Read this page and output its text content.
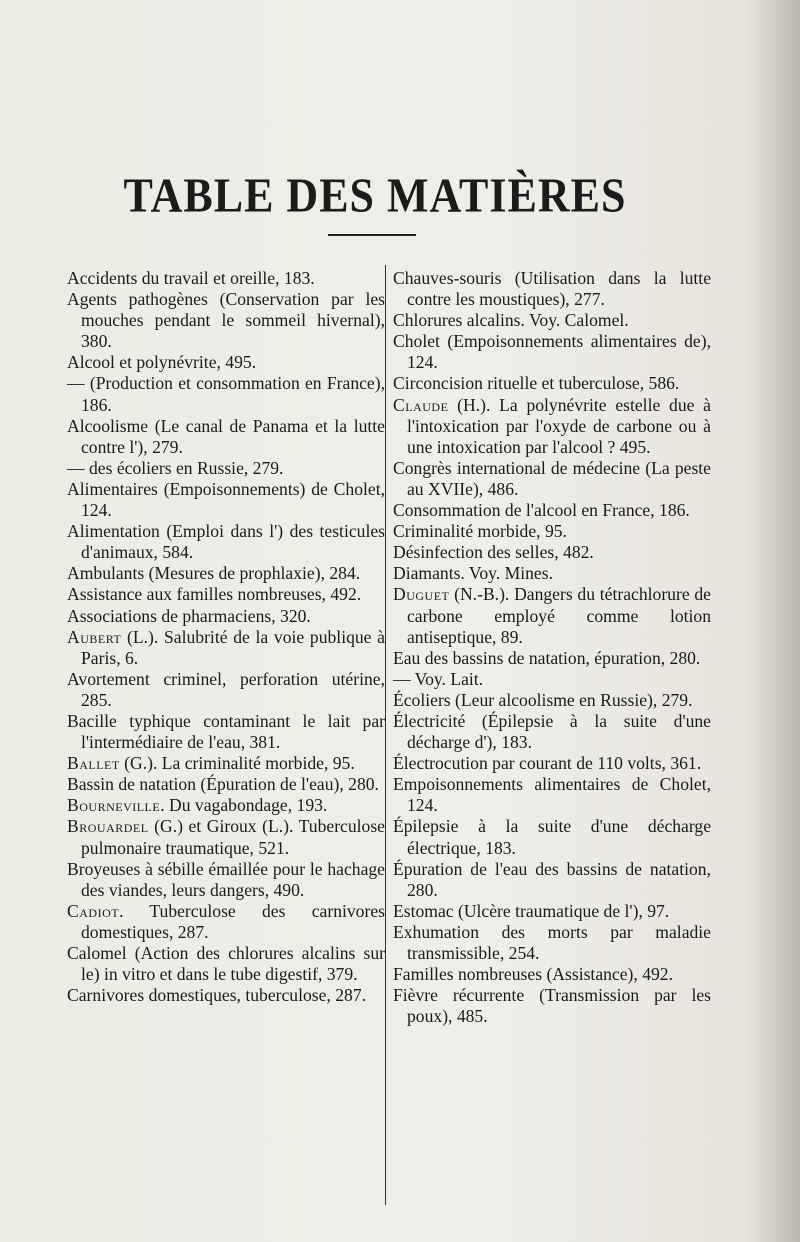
TABLE DES MATIÈRES

Accidents du travail et oreille, 183.

Agents pathogènes (Conservation par les mouches pendant le sommeil hivernal), 380.

Alcool et polynévrite, 495.

— (Production et consommation en France), 186.

Alcoolisme (Le canal de Panama et la lutte contre l'), 279.

— des écoliers en Russie, 279.

Alimentaires (Empoisonnements) de Cholet, 124.

Alimentation (Emploi dans l') des testicules d'animaux, 584.

Ambulants (Mesures de prophlaxie), 284.

Assistance aux familles nombreuses, 492.

Associations de pharmaciens, 320.

Aubert (L.). Salubrité de la voie publique à Paris, 6.

Avortement criminel, perforation utérine, 285.

Bacille typhique contaminant le lait par l'intermédiaire de l'eau, 381.

Ballet (G.). La criminalité morbide, 95.

Bassin de natation (Épuration de l'eau), 280.

Bourneville. Du vagabondage, 193.

Brouardel (G.) et Giroux (L.). Tuberculose pulmonaire traumatique, 521.

Broyeuses à sébille émaillée pour le hachage des viandes, leurs dangers, 490.

Cadiot. Tuberculose des carnivores domestiques, 287.

Calomel (Action des chlorures alcalins sur le) in vitro et dans le tube digestif, 379.

Carnivores domestiques, tuberculose, 287.

Chauves-souris (Utilisation dans la lutte contre les moustiques), 277.

Chlorures alcalins. Voy. Calomel.

Cholet (Empoisonnements alimentaires de), 124.

Circoncision rituelle et tuberculose, 586.

Claude (H.). La polynévrite estelle due à l'intoxication par l'oxyde de carbone ou à une intoxication par l'alcool ? 495.

Congrès international de médecine (La peste au XVIIe), 486.

Consommation de l'alcool en France, 186.

Criminalité morbide, 95.

Désinfection des selles, 482.

Diamants. Voy. Mines.

Duguet (N.-B.). Dangers du tétrachlorure de carbone employé comme lotion antiseptique, 89.

Eau des bassins de natation, épuration, 280.

— Voy. Lait.

Écoliers (Leur alcoolisme en Russie), 279.

Électricité (Épilepsie à la suite d'une décharge d'), 183.

Électrocution par courant de 110 volts, 361.

Empoisonnements alimentaires de Cholet, 124.

Épilepsie à la suite d'une décharge électrique, 183.

Épuration de l'eau des bassins de natation, 280.

Estomac (Ulcère traumatique de l'), 97.

Exhumation des morts par maladie transmissible, 254.

Familles nombreuses (Assistance), 492.

Fièvre récurrente (Transmission par les poux), 485.
